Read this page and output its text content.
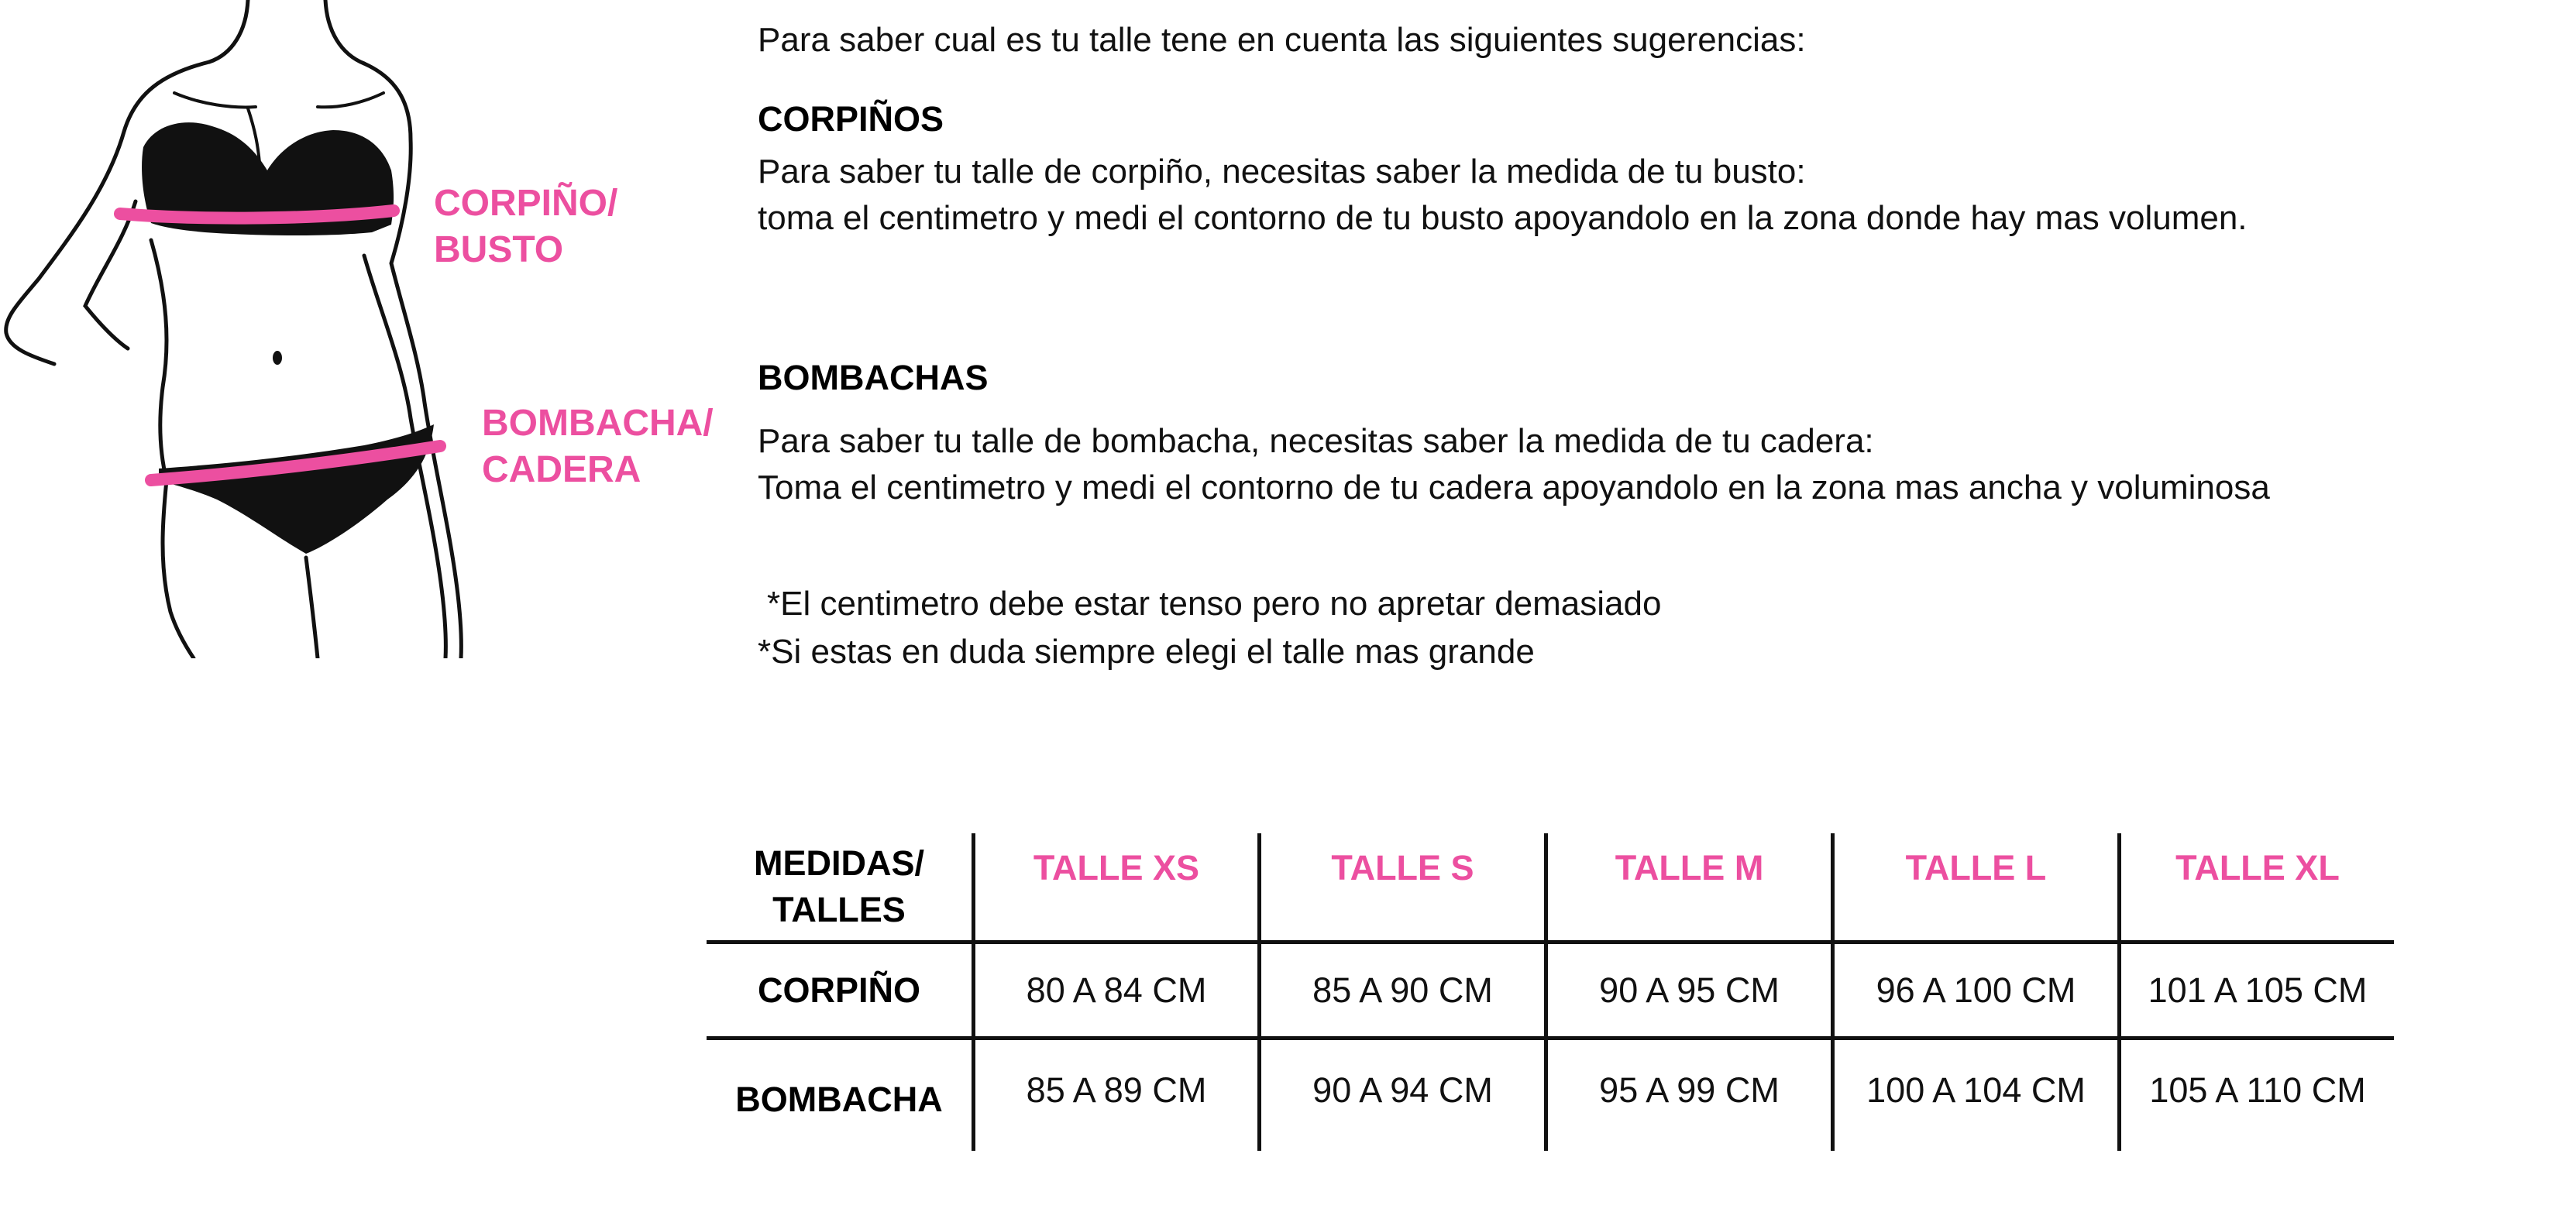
CORPIÑO/
BUSTO
BOMBACHA/
CADERA
Para saber cual es tu talle tene en cuenta las siguientes sugerencias:
CORPIÑOS
Para saber tu talle de corpiño, necesitas saber la medida de tu busto:
toma el centimetro y medi el contorno de tu busto apoyandolo en la zona donde hay mas volumen.
BOMBACHAS
Para saber tu talle de bombacha, necesitas saber la medida de tu cadera:
Toma el centimetro y medi el contorno de tu cadera apoyandolo en la zona mas ancha y voluminosa
*El centimetro debe estar tenso pero no apretar demasiado
*Si estas en duda siempre elegi el talle mas grande
MEDIDAS/
TALLES
TALLE XS	TALLE S	TALLE M	TALLE L	TALLE XL
CORPIÑO	80 A 84 CM	85 A 90 CM	90 A 95 CM	96 A 100 CM	101 A 105 CM
BOMBACHA	85 A 89 CM	90 A 94 CM	95 A 99 CM	100 A 104 CM	105 A 110 CM
